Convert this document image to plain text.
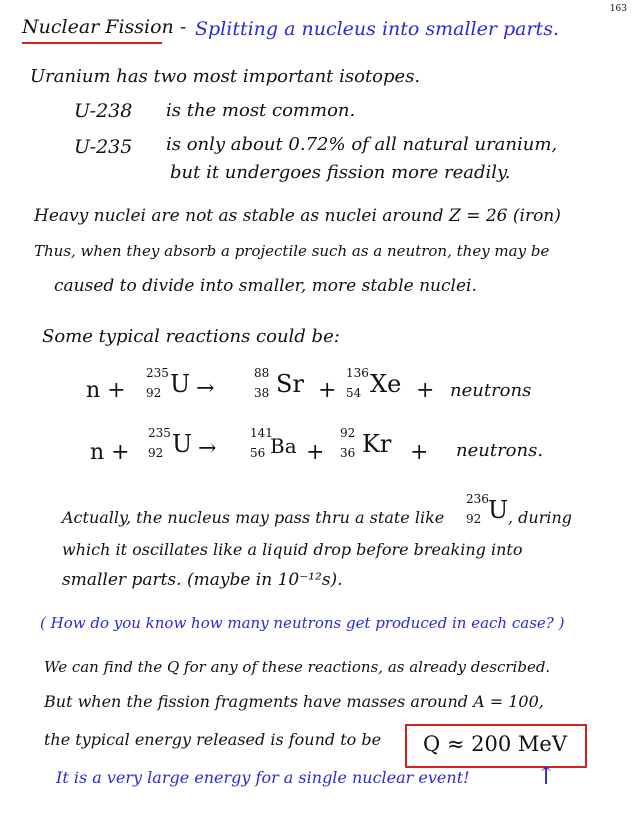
163
Nuclear Fission - Splitting a nucleus into smaller parts.
Uranium has two most important isotopes.
U-238 is the most common.
U-235 is only about 0.72% of all natural uranium,
but it undergoes fission more readily.
Heavy nuclei are not as stable as nuclei around Z = 26 (iron)
Thus, when they absorb a projectile such as a neutron, they may be
caused to divide into smaller, more stable nuclei.
Some typical reactions could be:
n +
235
92 U →
88
38 Sr +
136
54 Xe + neutrons
n +
235
92 U →
141
56 Ba +
92
36 Kr + neutrons.
Actually, the nucleus may pass thru a state like
236
92 U , during
which it oscillates like a liquid drop before breaking into
smaller parts. (maybe in 10⁻¹²s).
( How do you know how many neutrons get produced in each case? )
We can find the Q for any of these reactions, as already described.
But when the fission fragments have masses around A = 100,
the typical energy released is found to be Q ≈ 200 MeV
It is a very large energy for a single nuclear event!	↑
